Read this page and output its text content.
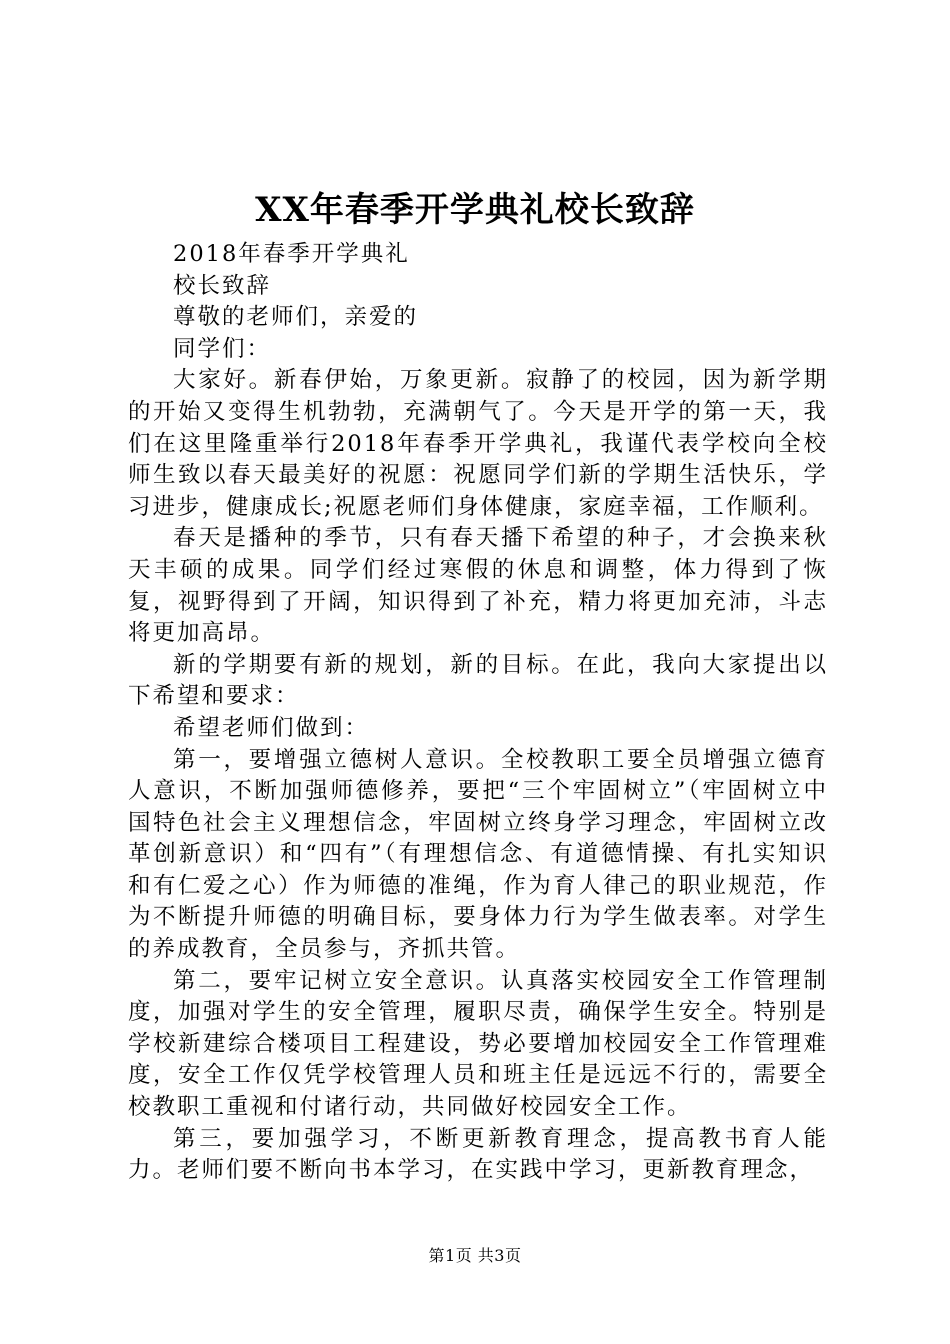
XX年春季开学典礼校长致辞

2018年春季开学典礼

校长致辞

尊敬的老师们，亲爱的

同学们：

大家好。新春伊始，万象更新。寂静了的校园，因为新学期的开始又变得生机勃勃，充满朝气了。今天是开学的第一天，我们在这里隆重举行2018年春季开学典礼，我谨代表学校向全校师生致以春天最美好的祝愿：祝愿同学们新的学期生活快乐，学习进步，健康成长;祝愿老师们身体健康，家庭幸福，工作顺利。

春天是播种的季节，只有春天播下希望的种子，才会换来秋天丰硕的成果。同学们经过寒假的休息和调整，体力得到了恢复，视野得到了开阔，知识得到了补充，精力将更加充沛，斗志将更加高昂。

新的学期要有新的规划，新的目标。在此，我向大家提出以下希望和要求：

希望老师们做到：

第一，要增强立德树人意识。全校教职工要全员增强立德育人意识，不断加强师德修养，要把“三个牢固树立”（牢固树立中国特色社会主义理想信念，牢固树立终身学习理念，牢固树立改革创新意识）和“四有”（有理想信念、有道德情操、有扎实知识和有仁爱之心）作为师德的准绳，作为育人律己的职业规范，作为不断提升师德的明确目标，要身体力行为学生做表率。对学生的养成教育，全员参与，齐抓共管。

第二，要牢记树立安全意识。认真落实校园安全工作管理制度，加强对学生的安全管理，履职尽责，确保学生安全。特别是学校新建综合楼项目工程建设，势必要增加校园安全工作管理难度，安全工作仅凭学校管理人员和班主任是远远不行的，需要全校教职工重视和付诸行动，共同做好校园安全工作。

第三，要加强学习，不断更新教育理念，提高教书育人能力。老师们要不断向书本学习，在实践中学习，更新教育理念，

第1页 共3页
